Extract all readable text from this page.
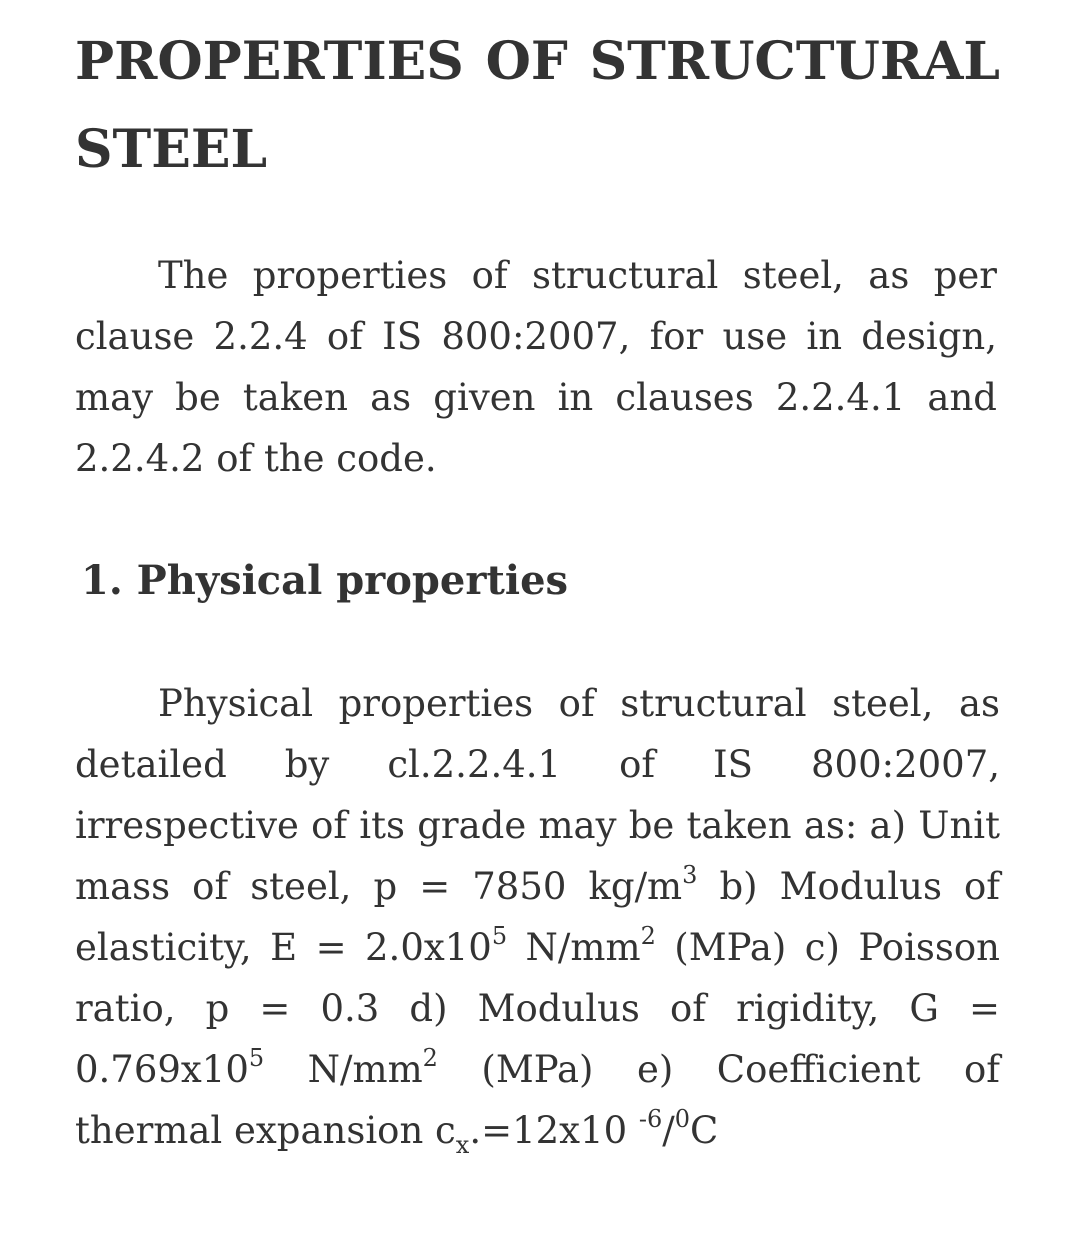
PROPERTIES OF STRUCTURAL
STEEL

The properties of structural steel, as per clause 2.2.4 of IS 800:2007, for use in design, may be taken as given in clauses 2.2.4.1 and 2.2.4.2 of the code.

1. Physical properties

Physical properties of structural steel, as detailed by cl.2.2.4.1 of IS 800:2007, irrespective of its grade may be taken as: a) Unit mass of steel, p = 7850 $kg/m^3$ b) Modulus of elasticity, $E = 2.0x10^5$ $N/mm^2$ (MPa) c) Poisson ratio, p = 0.3 d) Modulus of rigidity, $G = 0.769x10^5$ $N/mm^2$ (MPa) e) Coefficient of thermal expansion $c_x.=12x10$ $^{-6}$/$^0$C
